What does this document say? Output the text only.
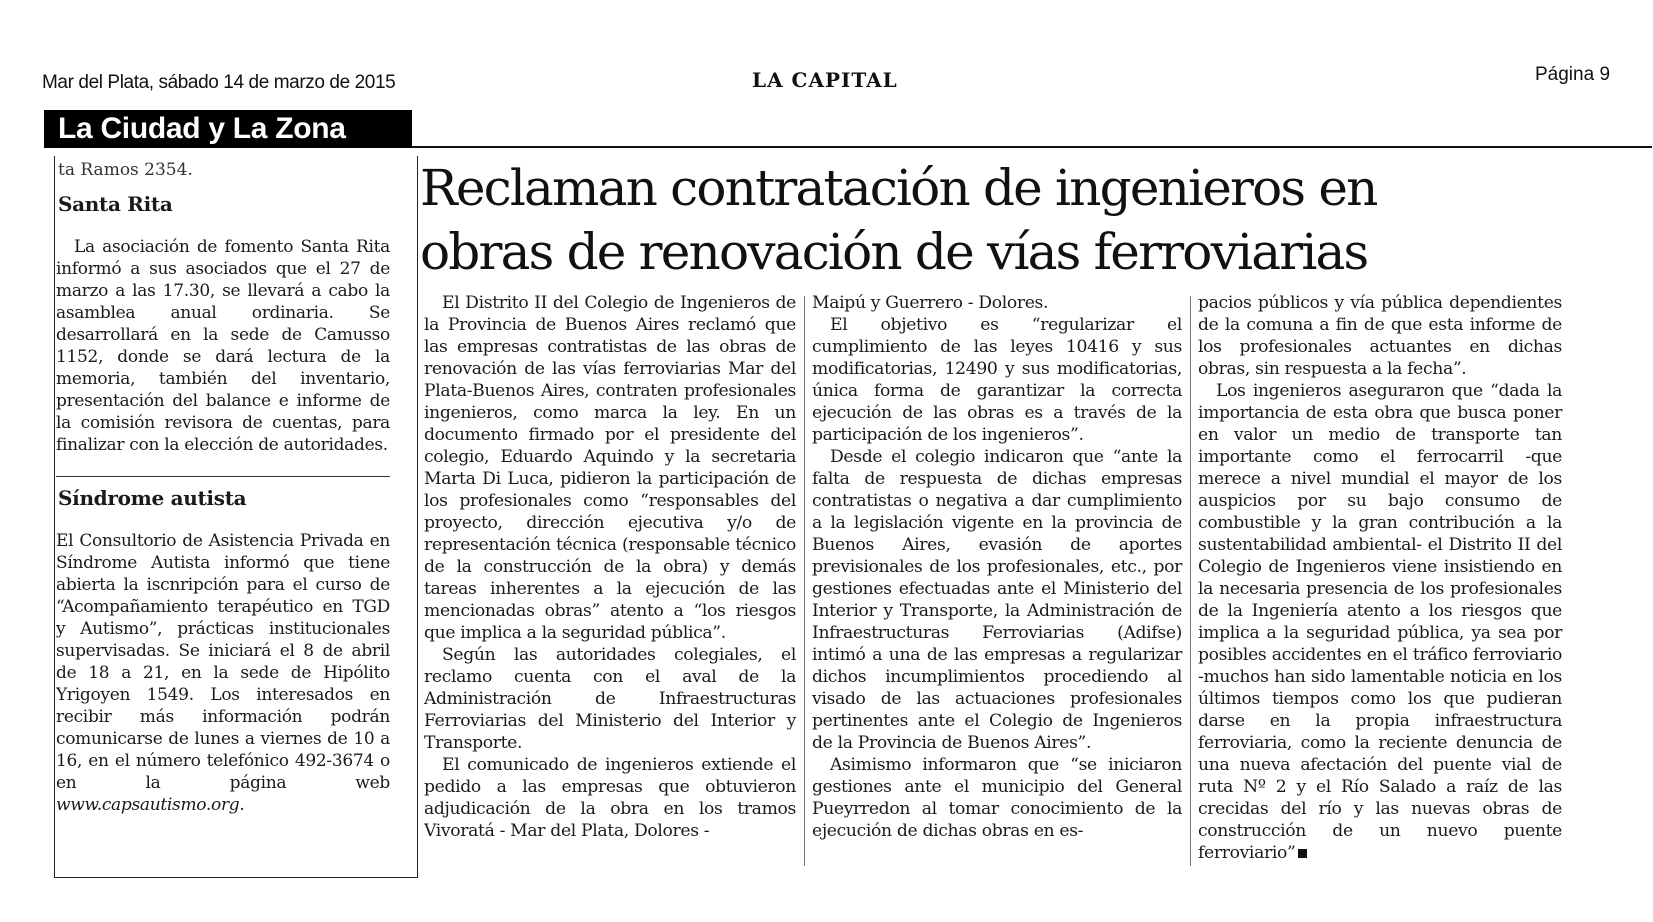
Mar del Plata, sábado 14 de marzo de 2015	LA CAPITAL	Página 9
La Ciudad y La Zona
ta Ramos 2354.
Santa Rita
La asociación de fomento Santa Rita informó a sus asociados que el 27 de marzo a las 17.30, se llevará a cabo la asamblea anual ordinaria. Se desarrollará en la sede de Camusso 1152, donde se dará lectura de la memoria, también del inventario, presentación del balance e informe de la comisión revisora de cuentas, para finalizar con la elección de autoridades.
Síndrome autista
El Consultorio de Asistencia Privada en Síndrome Autista informó que tiene abierta la iscnripción para el curso de “Acompañamiento terapéutico en TGD y Autismo”, prácticas institucionales supervisadas. Se iniciará el 8 de abril de 18 a 21, en la sede de Hipólito Yrigoyen 1549. Los interesados en recibir más información podrán comunicarse de lunes a viernes de 10 a 16, en el número telefónico 492-3674 o en la página web www.capsautismo.org.
Reclaman contratación de ingenieros en
obras de renovación de vías ferroviarias

El Distrito II del Colegio de Ingenieros de la Provincia de Buenos Aires reclamó que las empresas contratistas de las obras de renovación de las vías ferroviarias Mar del Plata-Buenos Aires, contraten profesionales ingenieros, como marca la ley. En un documento firmado por el presidente del colegio, Eduardo Aquindo y la secretaria Marta Di Luca, pidieron la participación de los profesionales como “responsables del proyecto, dirección ejecutiva y/o de representación técnica (responsable técnico de la construcción de la obra) y demás tareas inherentes a la ejecución de las mencionadas obras” atento a “los riesgos que implica a la seguridad pública”.

Según las autoridades colegiales, el reclamo cuenta con el aval de la Administración de Infraestructuras Ferroviarias del Ministerio del Interior y Transporte.

El comunicado de ingenieros extiende el pedido a las empresas que obtuvieron adjudicación de la obra en los tramos Vivoratá - Mar del Plata, Dolores -

Maipú y Guerrero - Dolores.

El objetivo es “regularizar el cumplimiento de las leyes 10416 y sus modificatorias, 12490 y sus modificatorias, única forma de garantizar la correcta ejecución de las obras es a través de la participación de los ingenieros”.

Desde el colegio indicaron que “ante la falta de respuesta de dichas empresas contratistas o negativa a dar cumplimiento a la legislación vigente en la provincia de Buenos Aires, evasión de aportes previsionales de los profesionales, etc., por gestiones efectuadas ante el Ministerio del Interior y Transporte, la Administración de Infraestructuras Ferroviarias (Adifse) intimó a una de las empresas a regularizar dichos incumplimientos procediendo al visado de las actuaciones profesionales pertinentes ante el Colegio de Ingenieros de la Provincia de Buenos Aires”.

Asimismo informaron que “se iniciaron gestiones ante el municipio del General Pueyrredon al tomar conocimiento de la ejecución de dichas obras en es-

pacios públicos y vía pública dependientes de la comuna a fin de que esta informe de los profesionales actuantes en dichas obras, sin respuesta a la fecha”.

Los ingenieros aseguraron que “dada la importancia de esta obra que busca poner en valor un medio de transporte tan importante como el ferrocarril -que merece a nivel mundial el mayor de los auspicios por su bajo consumo de combustible y la gran contribución a la sustentabilidad ambiental- el Distrito II del Colegio de Ingenieros viene insistiendo en la necesaria presencia de los profesionales de la Ingeniería atento a los riesgos que implica a la seguridad pública, ya sea por posibles accidentes en el tráfico ferroviario -muchos han sido lamentable noticia en los últimos tiempos como los que pudieran darse en la propia infraestructura ferroviaria, como la reciente denuncia de una nueva afectación del puente vial de ruta Nº 2 y el Río Salado a raíz de las crecidas del río y las nuevas obras de construcción de un nuevo puente ferroviario”
